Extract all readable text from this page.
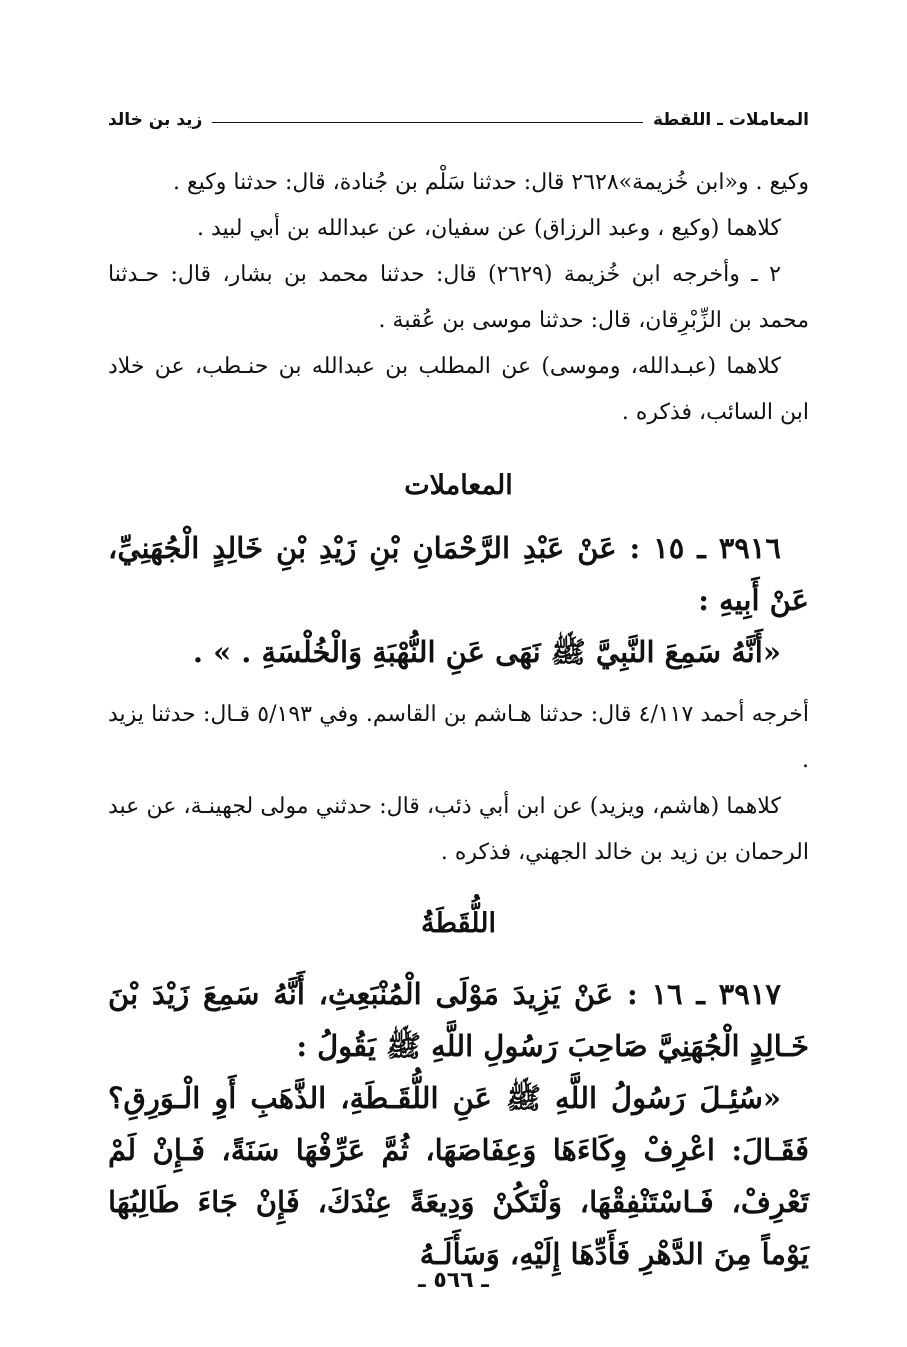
المعاملات ـ اللقطة
زيد بن خالد

وكيع . و«ابن خُزيمة»٢٦٢٨ قال: حدثنا سَلْم بن جُنادة، قال: حدثنا وكيع .

كلاهما (وكيع ، وعبد الرزاق) عن سفيان، عن عبدالله بن أبي لبيد .

٢ ـ وأخرجه ابن خُزيمة (٢٦٢٩) قال: حدثنا محمد بن بشار، قال: حـدثنا محمد بن الزِّبْرِقان، قال: حدثنا موسى بن عُقبة .

كلاهما (عبـدالله، وموسى) عن المطلب بن عبدالله بن حنـطب، عن خلاد ابن السائب، فذكره .

المعاملات

٣٩١٦ ـ ١٥ : عَنْ عَبْدِ الرَّحْمَانِ بْنِ زَيْدِ بْنِ خَالِدٍ الْجُهَنِيِّ، عَنْ أَبِيهِ :

«أَنَّهُ سَمِعَ النَّبِيَّ ﷺ نَهَى عَنِ النُّهْبَةِ وَالْخُلْسَةِ . » .

أخرجه أحمد ٤/١١٧ قال: حدثنا هـاشم بن القاسم. وفي ٥/١٩٣ قـال: حدثنا يزيد .

كلاهما (هاشم، ويزيد) عن ابن أبي ذئب، قال: حدثني مولى لجهينـة، عن عبد الرحمان بن زيد بن خالد الجهني، فذكره .

اللُّقَطَةُ

٣٩١٧ ـ ١٦ : عَنْ يَزِيدَ مَوْلَى الْمُنْبَعِثِ، أَنَّهُ سَمِعَ زَيْدَ بْنَ خَـالِدٍ الْجُهَنِيَّ صَاحِبَ رَسُولِ اللَّهِ ﷺ يَقُولُ :

«سُئِـلَ رَسُولُ اللَّهِ ﷺ عَنِ اللُّقَـطَةِ، الذَّهَبِ أَوِ الْـوَرِقِ؟ فَقَـالَ: اعْرِفْ وِكَاءَهَا وَعِفَاصَهَا، ثُمَّ عَرِّفْهَا سَنَةً، فَـإِنْ لَمْ تَعْرِفْ، فَـاسْتَنْفِقْهَا، وَلْتَكُنْ وَدِيعَةً عِنْدَكَ، فَإِنْ جَاءَ طَالِبُهَا يَوْماً مِنَ الدَّهْرِ فَأَدِّهَا إِلَيْهِ، وَسَأَلَـهُ

ـ ٥٦٦ ـ
